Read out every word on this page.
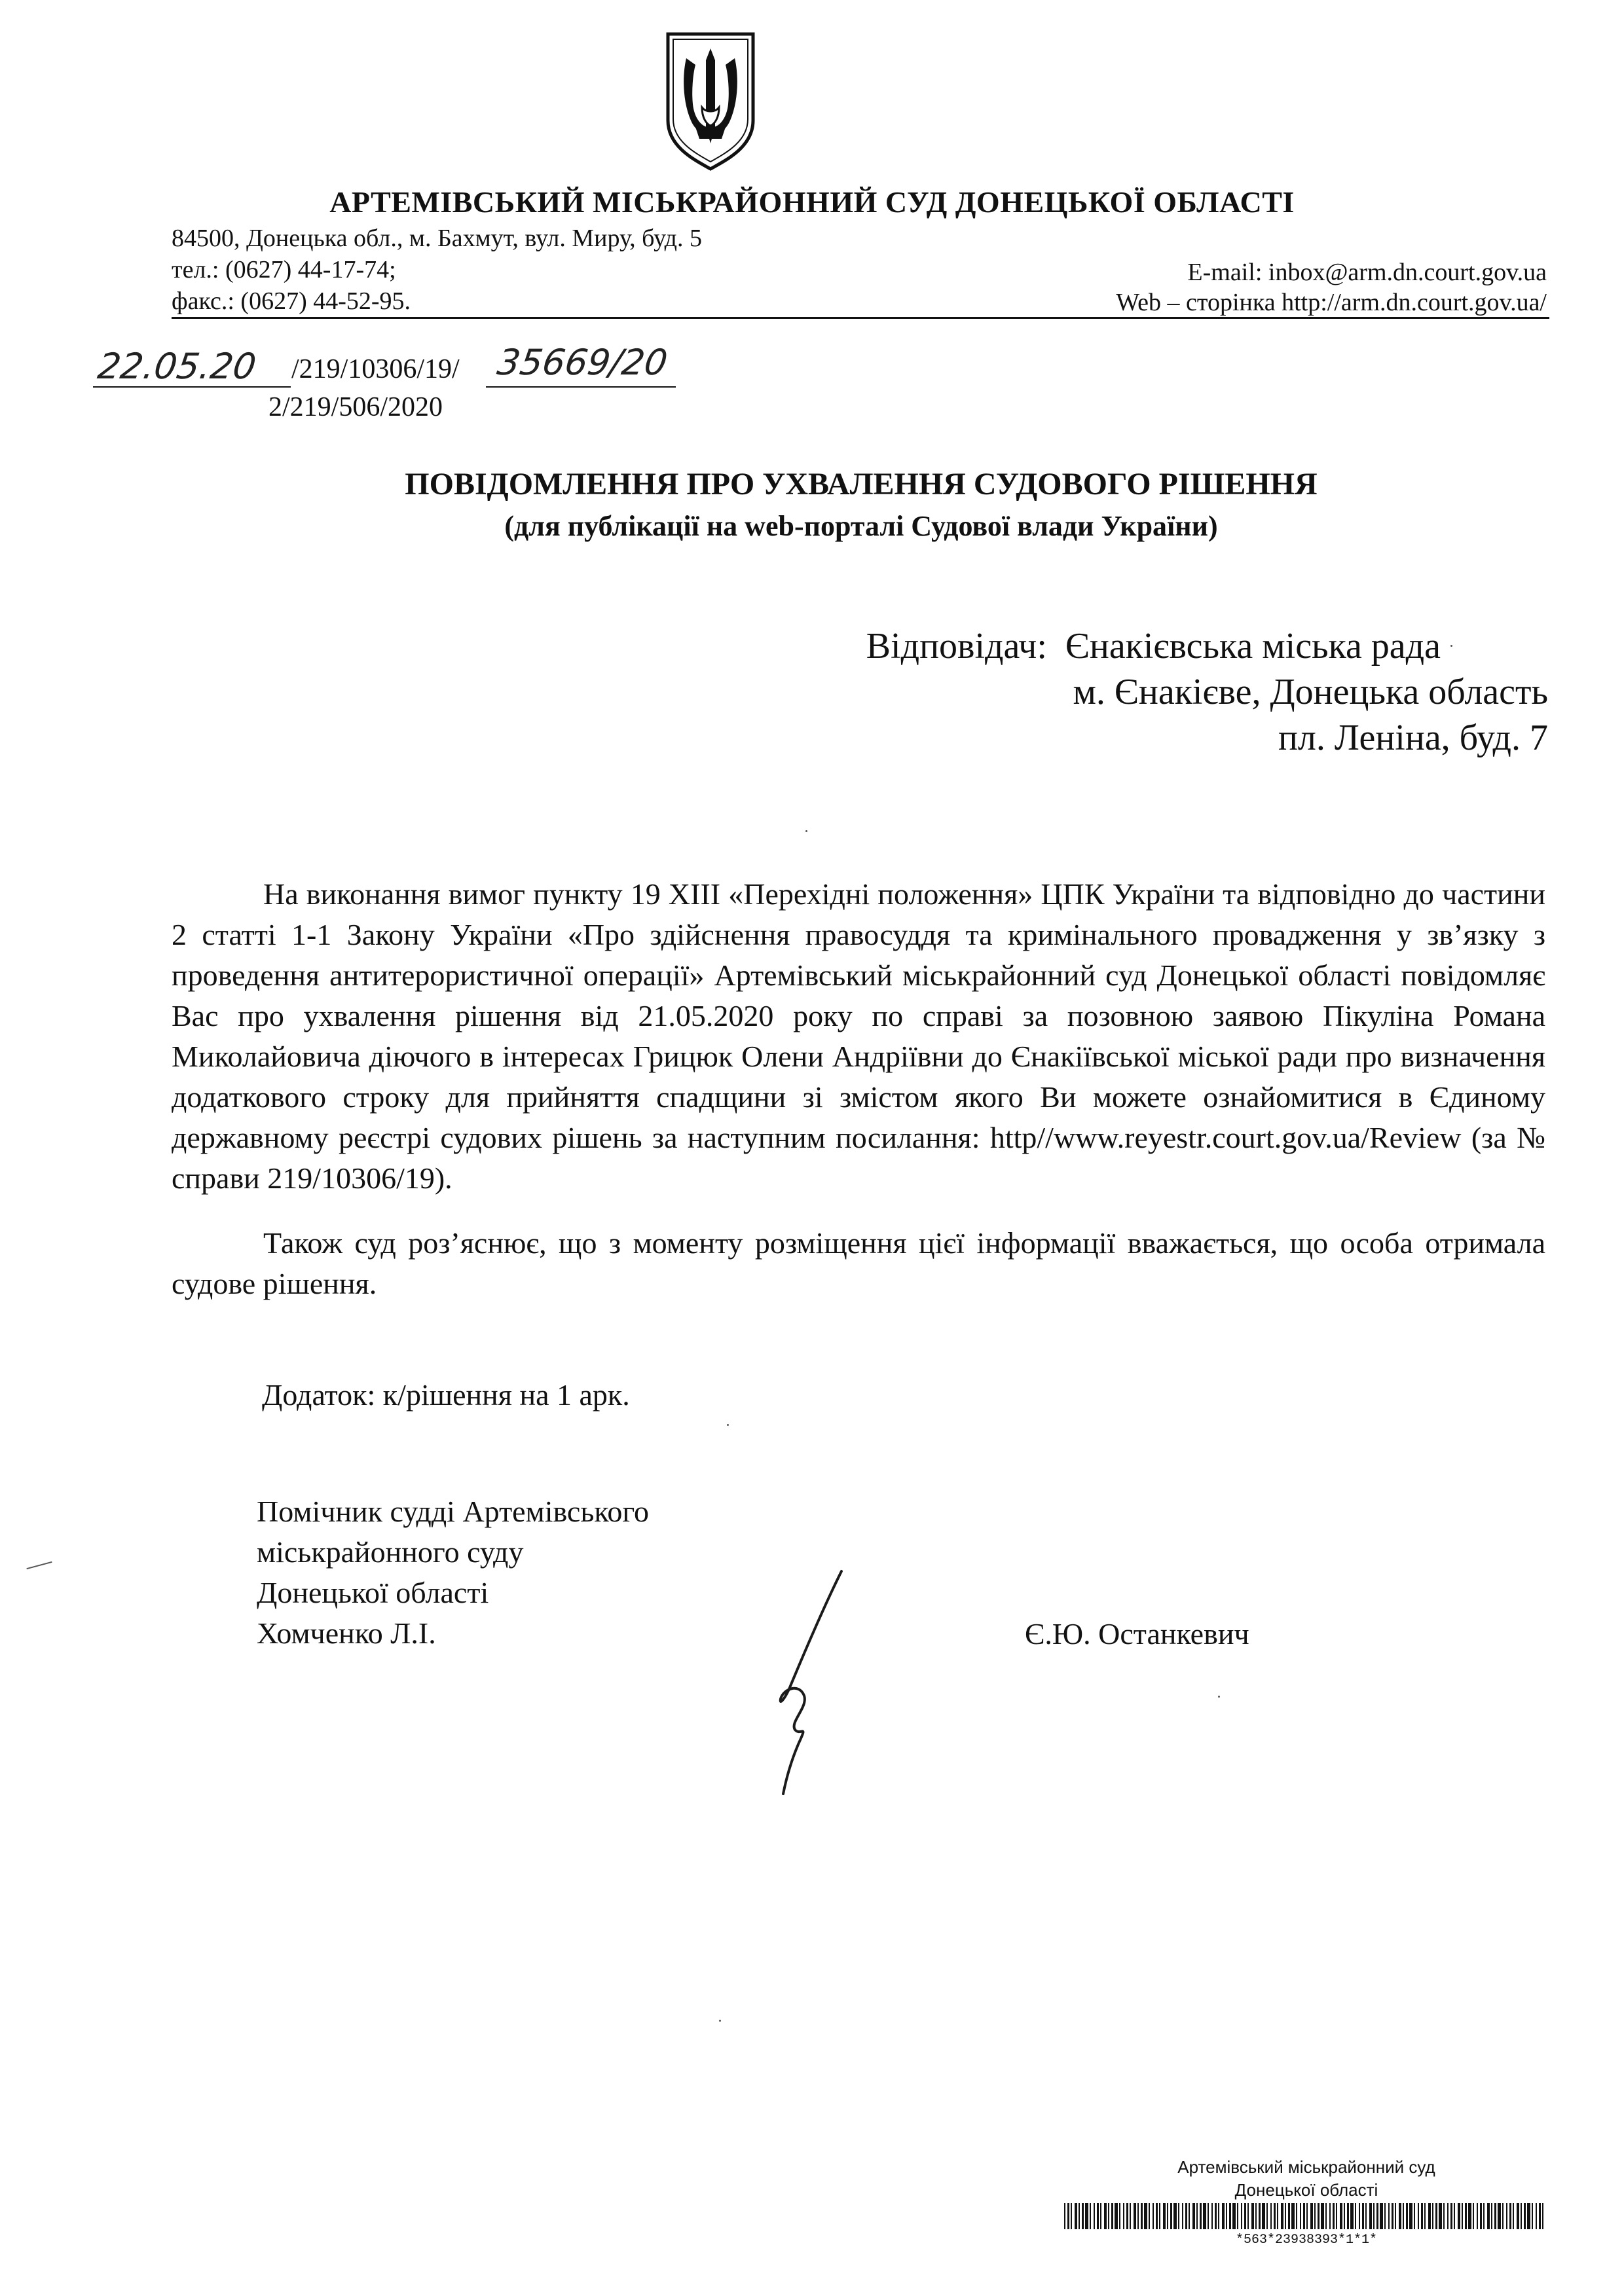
АРТЕМІВСЬКИЙ МІСЬКРАЙОННИЙ СУД ДОНЕЦЬКОЇ ОБЛАСТІ
84500, Донецька обл., м. Бахмут, вул. Миру, буд. 5
тел.: (0627) 44-17-74;
факс.: (0627) 44-52-95.
E-mail: inbox@arm.dn.court.gov.ua
Web – сторінка http://arm.dn.court.gov.ua/
22.05.20 /219/10306/19/ 35669/20
2/219/506/2020
ПОВІДОМЛЕННЯ ПРО УХВАЛЕННЯ СУДОВОГО РІШЕННЯ
(для публікації на web-порталі Судової влади України)
Відповідач: Єнакієвська міська рада
м. Єнакієве, Донецька область
пл. Леніна, буд. 7

На виконання вимог пункту 19 ХІІІ «Перехідні положення» ЦПК України та відповідно до частини 2 статті 1-1 Закону України «Про здійснення правосуддя та кримінального провадження у зв’язку з проведення антитерористичної операції» Артемівський міськрайонний суд Донецької області повідомляє Вас про ухвалення рішення від 21.05.2020 року по справі за позовною заявою Пікуліна Романа Миколайовича діючого в інтересах Грицюк Олени Андріївни до Єнакіївської міської ради про визначення додаткового строку для прийняття спадщини зі змістом якого Ви можете ознайомитися в Єдиному державному реєстрі судових рішень за наступним посилання: http//www.reyestr.court.gov.ua/Review (за № справи 219/10306/19).

Також суд роз’яснює, що з моменту розміщення цієї інформації вважається, що особа отримала судове рішення.

Додаток: к/рішення на 1 арк.
Помічник судді Артемівського
міськрайонного суду
Донецької області
Хомченко Л.І.	Є.Ю. Останкевич
Артемівський міськрайонний суд
Донецької області
*563*23938393*1*1*
